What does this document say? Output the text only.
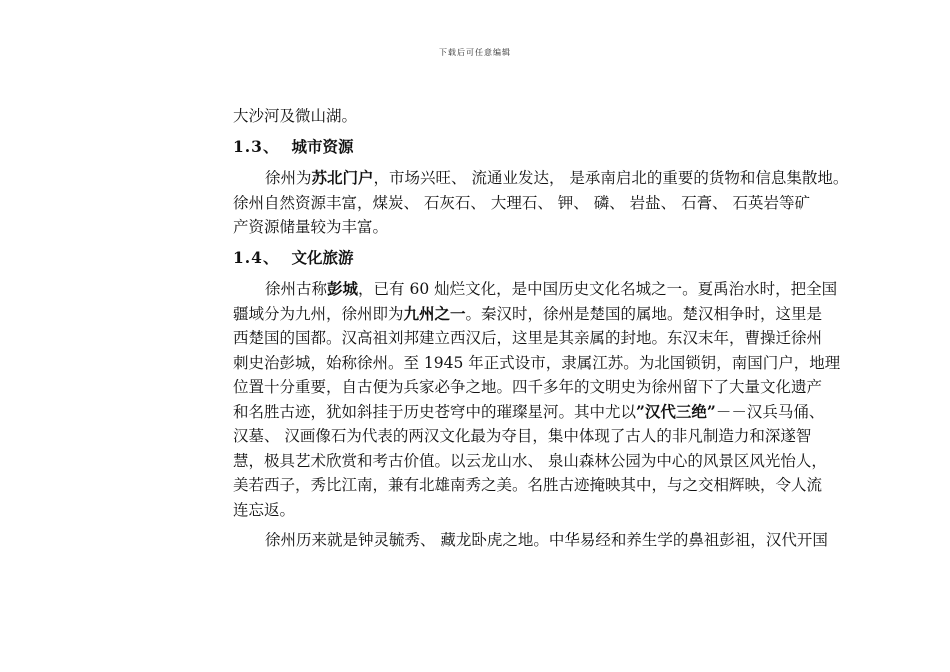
下载后可任意编辑

大沙河及微山湖。

1.3、 城市资源

徐州为苏北门户，市场兴旺、 流通业发达， 是承南启北的重要的货物和信息集散地。

徐州自然资源丰富，煤炭、 石灰石、 大理石、 钾、 磷、 岩盐、 石膏、 石英岩等矿

产资源储量较为丰富。

1.4、 文化旅游

徐州古称彭城，已有 60 灿烂文化，是中国历史文化名城之一。夏禹治水时，把全国

疆域分为九州，徐州即为九州之一。秦汉时，徐州是楚国的属地。楚汉相争时，这里是

西楚国的国都。汉高祖刘邦建立西汉后，这里是其亲属的封地。东汉末年，曹操迁徐州

刺史治彭城，始称徐州。至 1945 年正式设市，隶属江苏。为北国锁钥，南国门户，地理

位置十分重要，自古便为兵家必争之地。四千多年的文明史为徐州留下了大量文化遗产

和名胜古迹，犹如斜挂于历史苍穹中的璀璨星河。其中尤以”汉代三绝”－－汉兵马俑、

汉墓、 汉画像石为代表的两汉文化最为夺目，集中体现了古人的非凡制造力和深遂智

慧，极具艺术欣赏和考古价值。以云龙山水、 泉山森林公园为中心的风景区风光怡人，

美若西子，秀比江南，兼有北雄南秀之美。名胜古迹掩映其中，与之交相辉映，令人流

连忘返。

徐州历来就是钟灵毓秀、 藏龙卧虎之地。中华易经和养生学的鼻祖彭祖，汉代开国
